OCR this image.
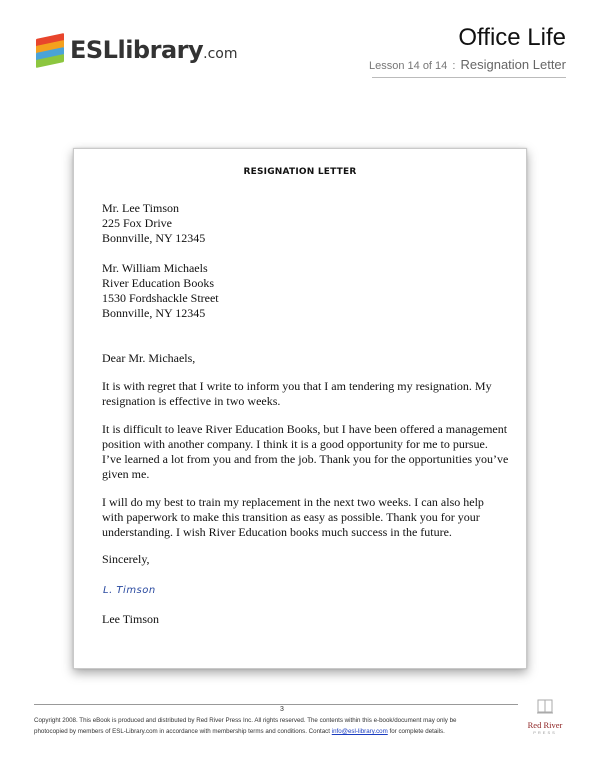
ESLlibrary.com
Office Life
Lesson 14 of 14 : Resignation Letter
RESIGNATION LETTER
Mr. Lee Timson
225 Fox Drive
Bonnville, NY 12345
Mr. William Michaels
River Education Books
1530 Fordshackle Street
Bonnville, NY 12345
Dear Mr. Michaels,
It is with regret that I write to inform you that I am tendering my resignation. My
resignation is effective in two weeks.
It is difficult to leave River Education Books, but I have been offered a management
position with another company. I think it is a good opportunity for me to pursue.
I’ve learned a lot from you and from the job. Thank you for the opportunities you’ve
given me.
I will do my best to train my replacement in the next two weeks. I can also help
with paperwork to make this transition as easy as possible. Thank you for your
understanding. I wish River Education books much success in the future.
Sincerely,
L. Timson
Lee Timson
3
Copyright 2008. This eBook is produced and distributed by Red River Press Inc. All rights reserved. The contents within this e-book/document may only be
photocopied by members of ESL-Library.com in accordance with membership terms and conditions. Contact info@esl-library.com for complete details.
Red River
PRESS
